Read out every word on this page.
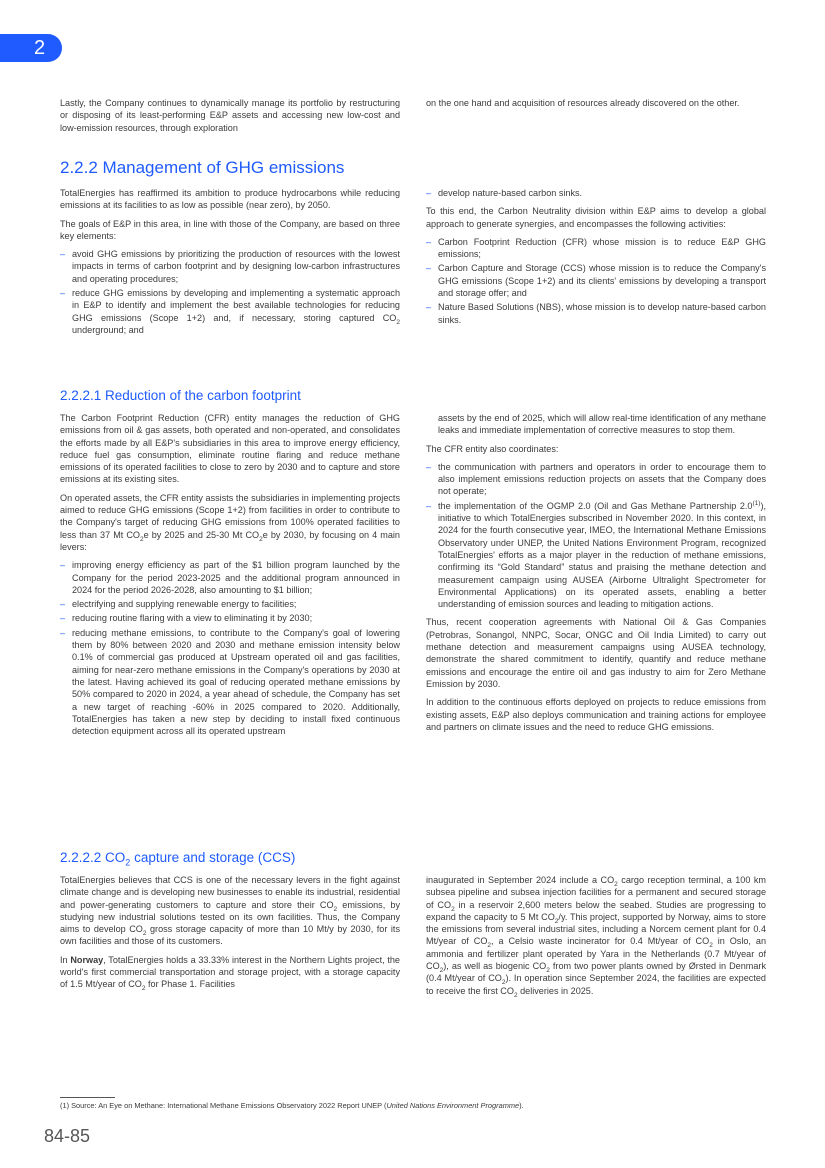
2

Lastly, the Company continues to dynamically manage its portfolio by restructuring or disposing of its least-performing E&P assets and accessing new low-cost and low-emission resources, through exploration

on the one hand and acquisition of resources already discovered on the other.

2.2.2 Management of GHG emissions

TotalEnergies has reaffirmed its ambition to produce hydrocarbons while reducing emissions at its facilities to as low as possible (near zero), by 2050.

The goals of E&P in this area, in line with those of the Company, are based on three key elements:

– avoid GHG emissions by prioritizing the production of resources with the lowest impacts in terms of carbon footprint and by designing low-carbon infrastructures and operating procedures;
– reduce GHG emissions by developing and implementing a systematic approach in E&P to identify and implement the best available technologies for reducing GHG emissions (Scope 1+2) and, if necessary, storing captured $CO_2$ underground; and
– develop nature-based carbon sinks.

To this end, the Carbon Neutrality division within E&P aims to develop a global approach to generate synergies, and encompasses the following activities:

– Carbon Footprint Reduction (CFR) whose mission is to reduce E&P GHG emissions;
– Carbon Capture and Storage (CCS) whose mission is to reduce the Company's GHG emissions (Scope 1+2) and its clients' emissions by developing a transport and storage offer; and
– Nature Based Solutions (NBS), whose mission is to develop nature-based carbon sinks.
2.2.2.1 Reduction of the carbon footprint

The Carbon Footprint Reduction (CFR) entity manages the reduction of GHG emissions from oil & gas assets, both operated and non-operated, and consolidates the efforts made by all E&P's subsidiaries in this area to improve energy efficiency, reduce fuel gas consumption, eliminate routine flaring and reduce methane emissions of its operated facilities to close to zero by 2030 and to capture and store emissions at its existing sites.

On operated assets, the CFR entity assists the subsidiaries in implementing projects aimed to reduce GHG emissions (Scope 1+2) from facilities in order to contribute to the Company's target of reducing GHG emissions from 100% operated facilities to less than 37 Mt $CO_2e$ by 2025 and 25-30 Mt $CO_2e$ by 2030, by focusing on 4 main levers:

– improving energy efficiency as part of the $1 billion program launched by the Company for the period 2023-2025 and the additional program announced in 2024 for the period 2026-2028, also amounting to $1 billion;
– electrifying and supplying renewable energy to facilities;
– reducing routine flaring with a view to eliminating it by 2030;
– reducing methane emissions, to contribute to the Company's goal of lowering them by 80% between 2020 and 2030 and methane emission intensity below 0.1% of commercial gas produced at Upstream operated oil and gas facilities, aiming for near-zero methane emissions in the Company's operations by 2030 at the latest. Having achieved its goal of reducing operated methane emissions by 50% compared to 2020 in 2024, a year ahead of schedule, the Company has set a new target of reaching -60% in 2025 compared to 2020. Additionally, TotalEnergies has taken a new step by deciding to install fixed continuous detection equipment across all its operated upstream
assets by the end of 2025, which will allow real-time identification of any methane leaks and immediate implementation of corrective measures to stop them.

The CFR entity also coordinates:

– the communication with partners and operators in order to encourage them to also implement emissions reduction projects on assets that the Company does not operate;
– the implementation of the OGMP 2.0 (Oil and Gas Methane Partnership 2.0$^{(1)}$), initiative to which TotalEnergies subscribed in November 2020. In this context, in 2024 for the fourth consecutive year, IMEO, the International Methane Emissions Observatory under UNEP, the United Nations Environment Program, recognized TotalEnergies' efforts as a major player in the reduction of methane emissions, confirming its “Gold Standard” status and praising the methane detection and measurement campaign using AUSEA (Airborne Ultralight Spectrometer for Environmental Applications) on its operated assets, enabling a better understanding of emission sources and leading to mitigation actions.

Thus, recent cooperation agreements with National Oil & Gas Companies (Petrobras, Sonangol, NNPC, Socar, ONGC and Oil India Limited) to carry out methane detection and measurement campaigns using AUSEA technology, demonstrate the shared commitment to identify, quantify and reduce methane emissions and encourage the entire oil and gas industry to aim for Zero Methane Emission by 2030.

In addition to the continuous efforts deployed on projects to reduce emissions from existing assets, E&P also deploys communication and training actions for employee and partners on climate issues and the need to reduce GHG emissions.

2.2.2.2 $CO_2$ capture and storage (CCS)

TotalEnergies believes that CCS is one of the necessary levers in the fight against climate change and is developing new businesses to enable its industrial, residential and power-generating customers to capture and store their $CO_2$ emissions, by studying new industrial solutions tested on its own facilities. Thus, the Company aims to develop $CO_2$ gross storage capacity of more than 10 Mt/y by 2030, for its own facilities and those of its customers.

In Norway, TotalEnergies holds a 33.33% interest in the Northern Lights project, the world's first commercial transportation and storage project, with a storage capacity of 1.5 Mt/year of $CO_2$ for Phase 1. Facilities

inaugurated in September 2024 include a $CO_2$ cargo reception terminal, a 100 km subsea pipeline and subsea injection facilities for a permanent and secured storage of $CO_2$ in a reservoir 2,600 meters below the seabed. Studies are progressing to expand the capacity to 5 Mt $CO_2/y$. This project, supported by Norway, aims to store the emissions from several industrial sites, including a Norcem cement plant for 0.4 Mt/year of $CO_2$, a Celsio waste incinerator for 0.4 Mt/year of $CO_2$ in Oslo, an ammonia and fertilizer plant operated by Yara in the Netherlands (0.7 Mt/year of $CO_2$), as well as biogenic $CO_2$ from two power plants owned by Ørsted in Denmark (0.4 Mt/year of $CO_2$). In operation since September 2024, the facilities are expected to receive the first $CO_2$ deliveries in 2025.

(1) Source: An Eye on Methane: International Methane Emissions Observatory 2022 Report UNEP (United Nations Environment Programme).
84-85
